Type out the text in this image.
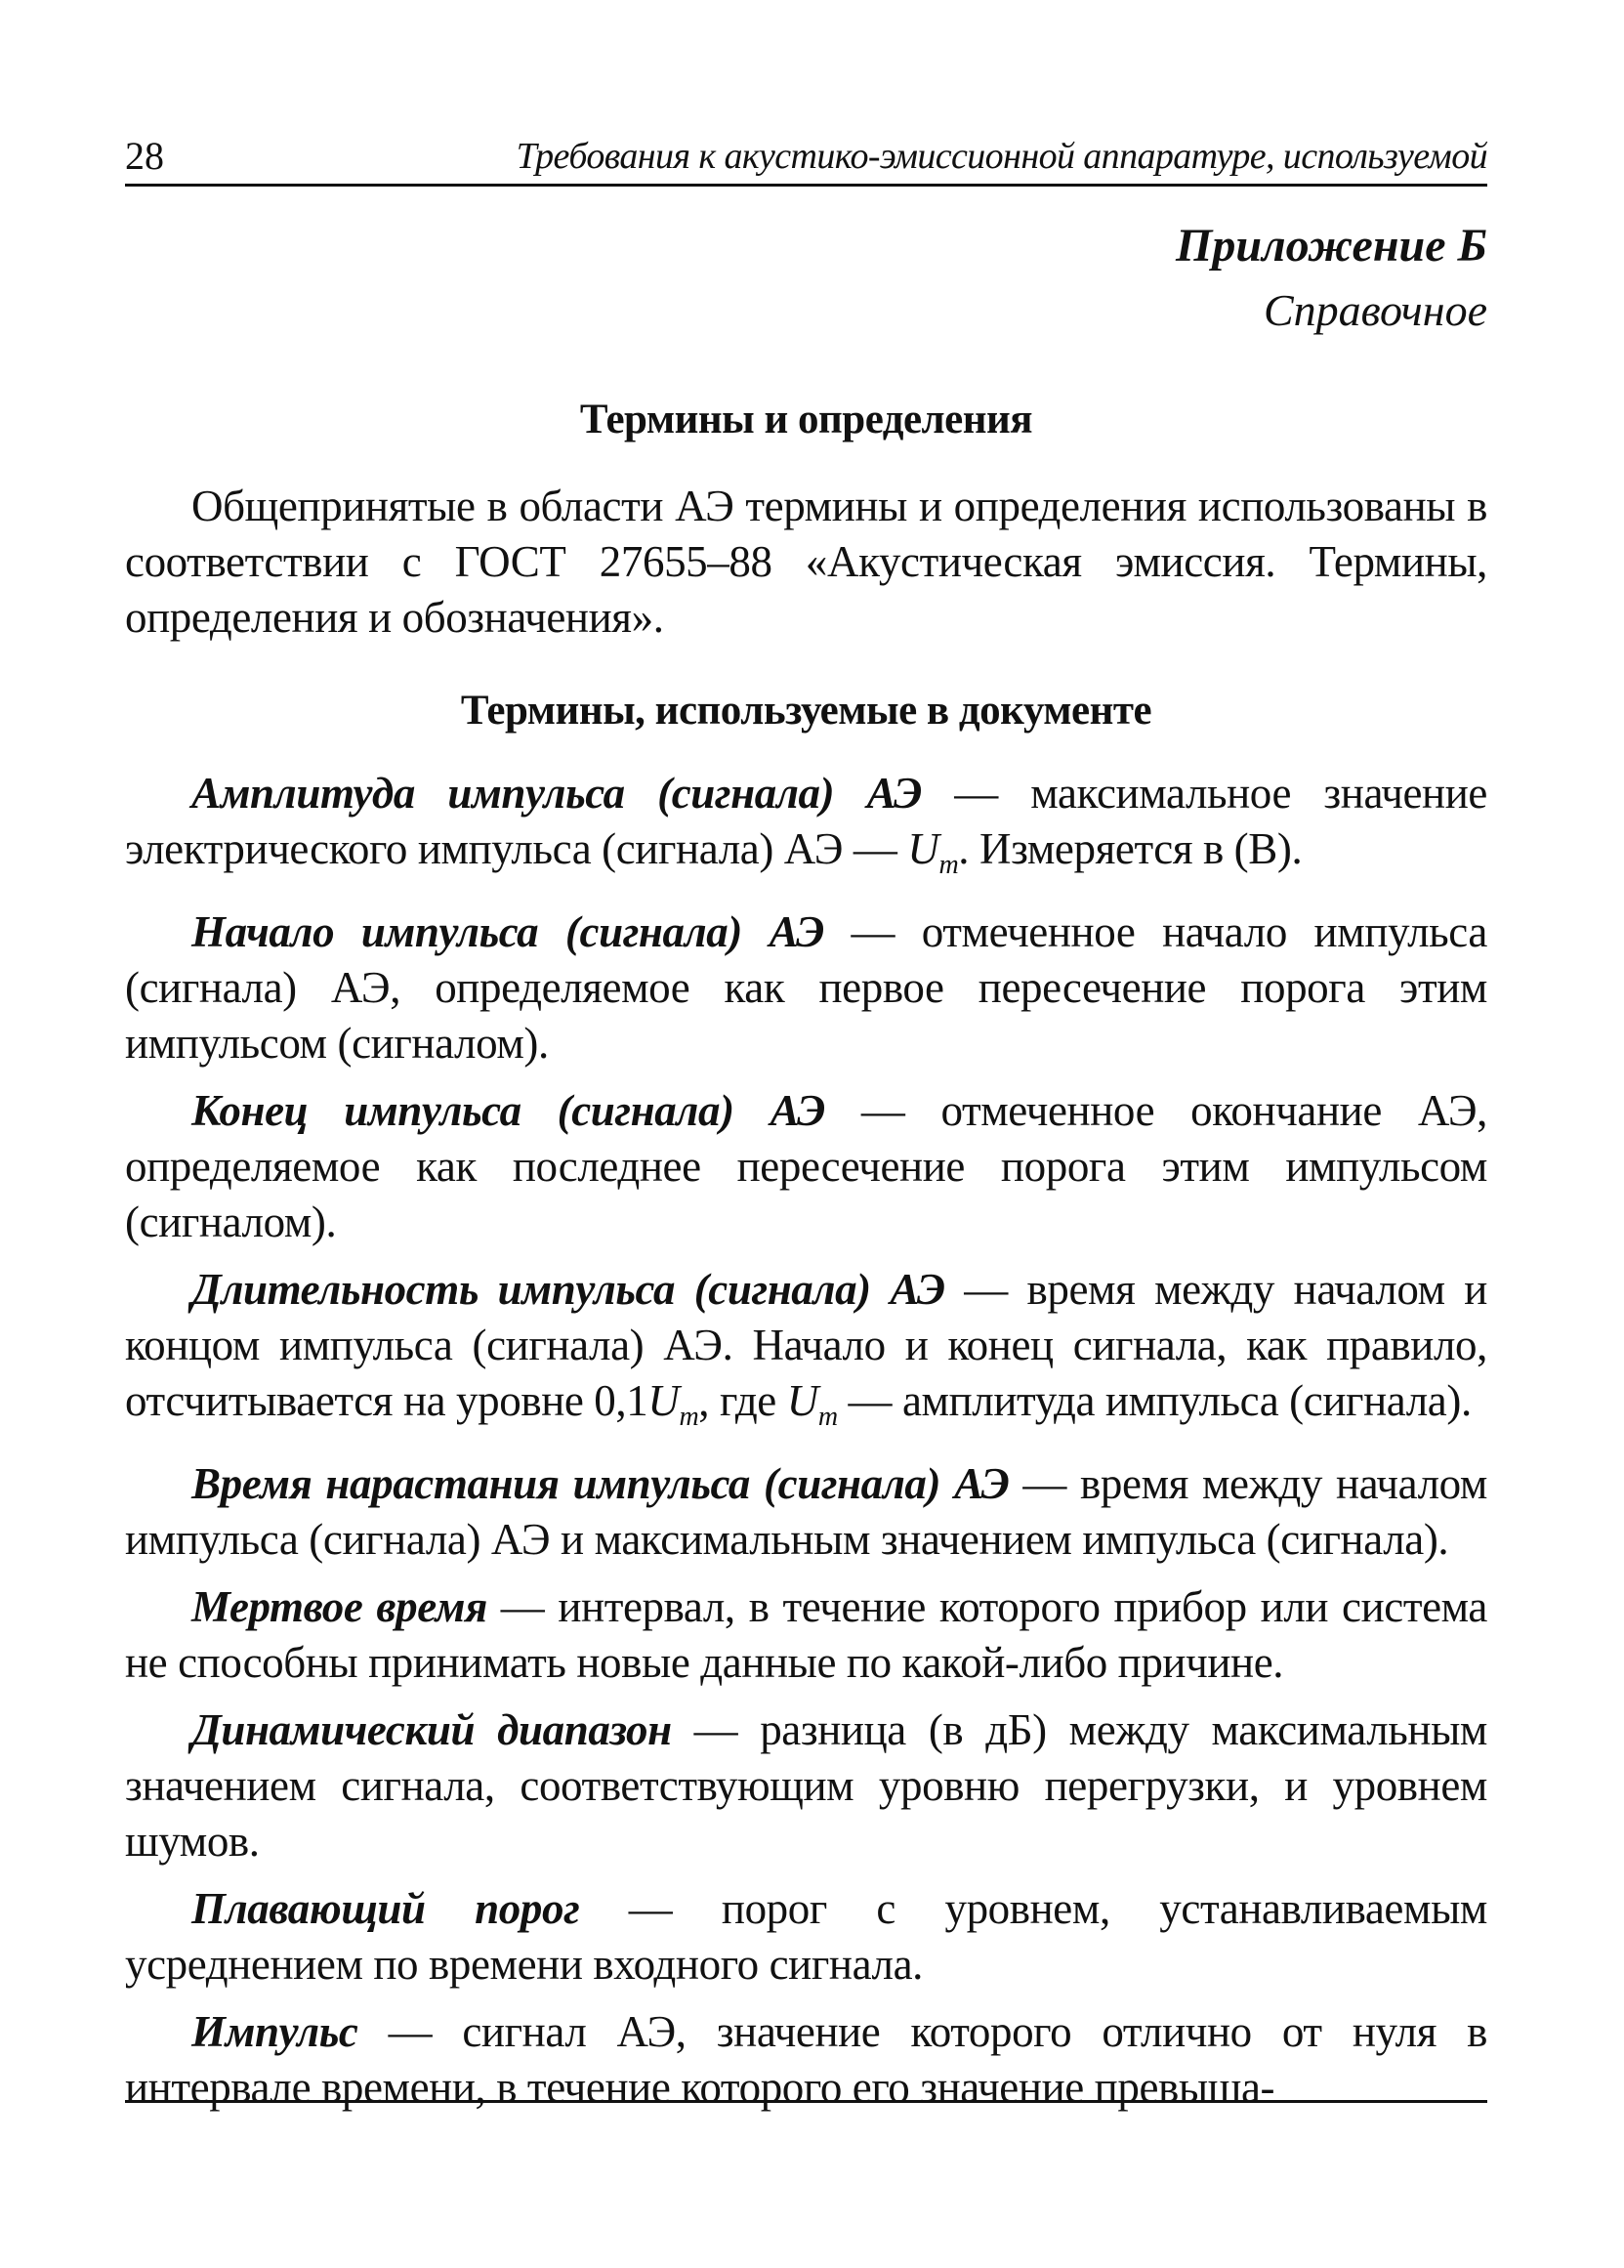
28	Требования к акустико-эмиссионной аппаратуре, используемой
Приложение Б
Справочное
Термины и определения

Общепринятые в области АЭ термины и определения использованы в соответствии с ГОСТ 27655–88 «Акустическая эмиссия. Термины, определения и обозначения».

Термины, используемые в документе

Амплитуда импульса (сигнала) АЭ — максимальное значение электрического импульса (сигнала) АЭ — $U_m$. Измеряется в (В).

Начало импульса (сигнала) АЭ — отмеченное начало импульса (сигнала) АЭ, определяемое как первое пересечение порога этим импульсом (сигналом).

Конец импульса (сигнала) АЭ — отмеченное окончание АЭ, определяемое как последнее пересечение порога этим импульсом (сигналом).

Длительность импульса (сигнала) АЭ — время между началом и концом импульса (сигнала) АЭ. Начало и конец сигнала, как правило, отсчитывается на уровне $0,1U_m$, где $U_m$ — амплитуда импульса (сигнала).

Время нарастания импульса (сигнала) АЭ — время между началом импульса (сигнала) АЭ и максимальным значением импульса (сигнала).

Мертвое время — интервал, в течение которого прибор или система не способны принимать новые данные по какой-либо причине.

Динамический диапазон — разница (в дБ) между максимальным значением сигнала, соответствующим уровню перегрузки, и уровнем шумов.

Плавающий порог — порог с уровнем, устанавливаемым усреднением по времени входного сигнала.

Импульс — сигнал АЭ, значение которого отлично от нуля в интервале времени, в течение которого его значение превыша-
